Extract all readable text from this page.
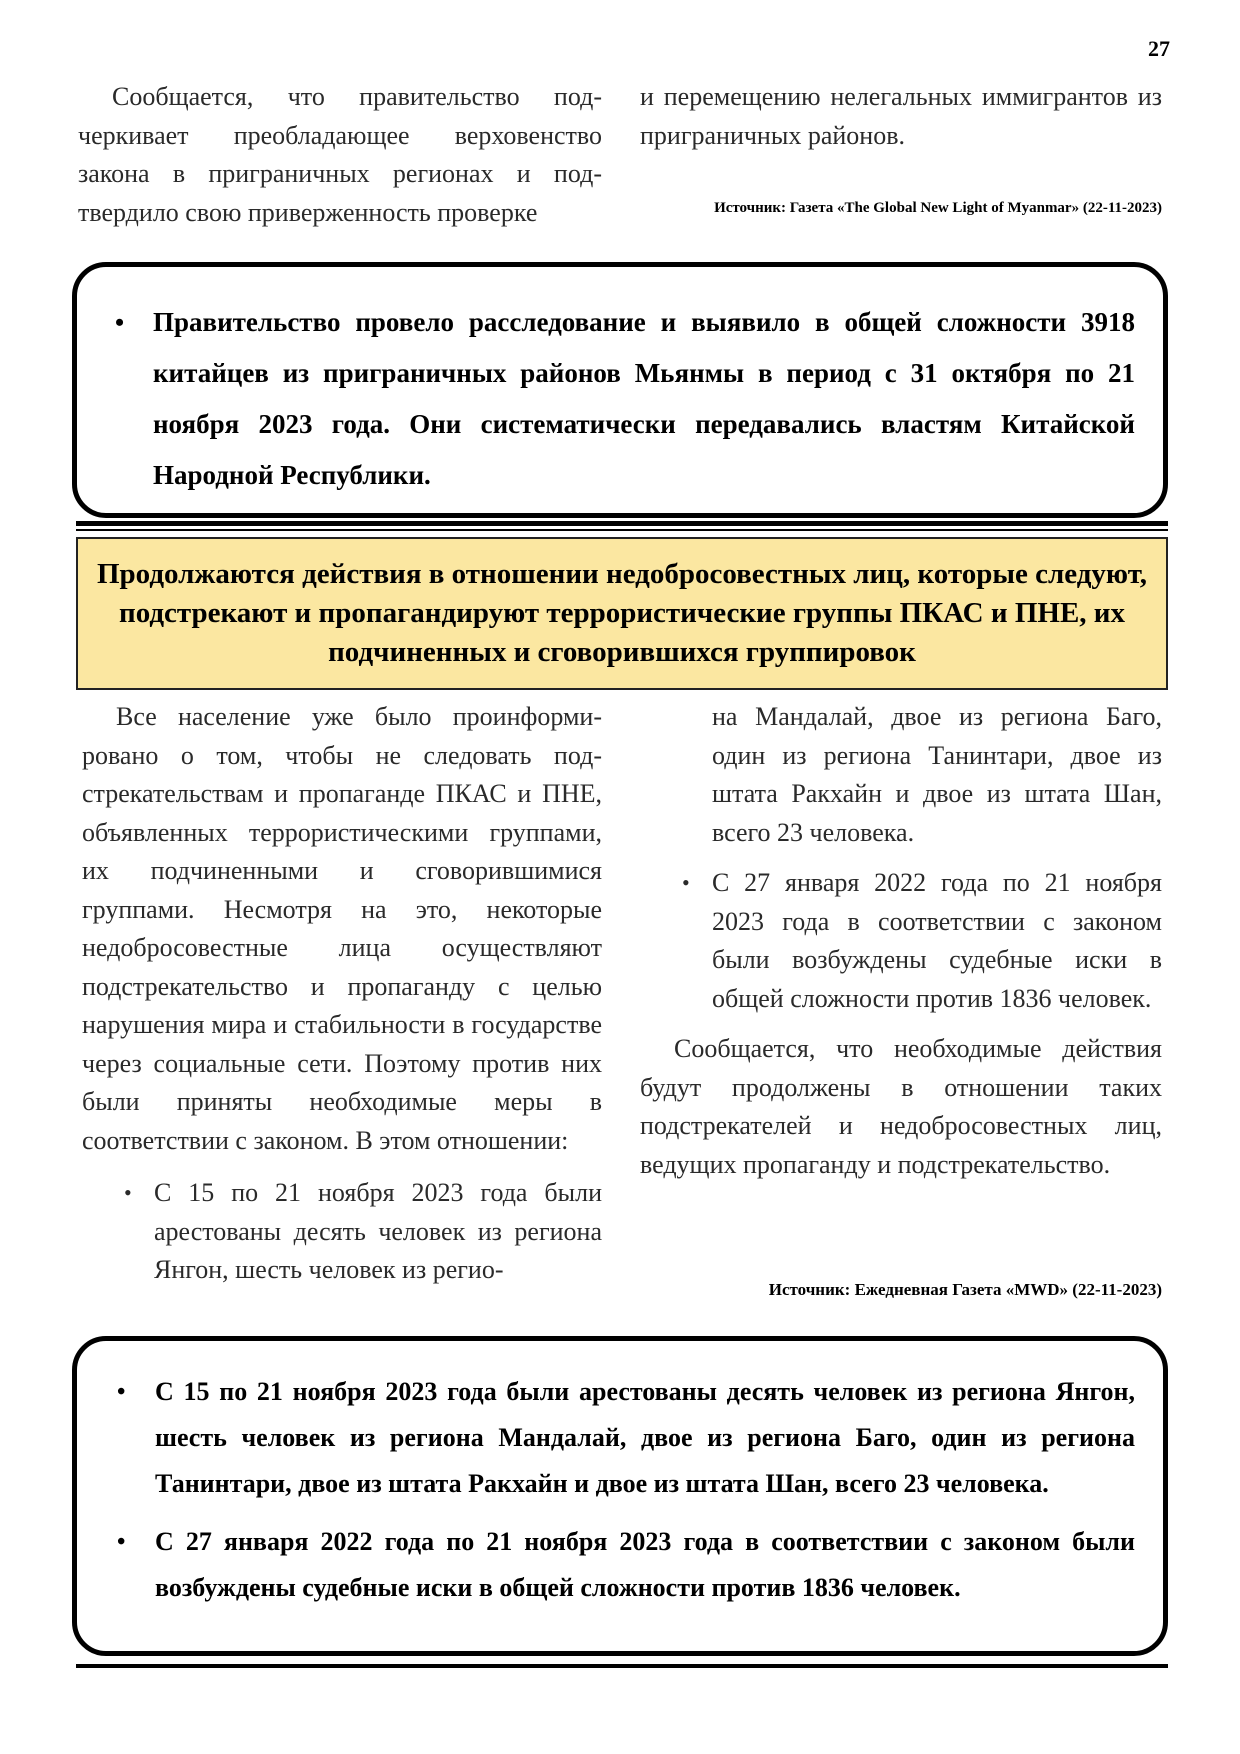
27

Сообщается, что правительство подчеркивает преобладающее верховенство закона в приграничных регионах и подтвердило свою приверженность проверке

и перемещению нелегальных иммигрантов из приграничных районов.

Источник: Газета «The Global New Light of Myanmar» (22-11-2023)
• Правительство провело расследование и выявило в общей сложности 3918 китайцев из приграничных районов Мьянмы в период с 31 октября по 21 ноября 2023 года. Они систематически передавались властям Китайской Народной Республики.
Продолжаются действия в отношении недобросовестных лиц, которые следуют, подстрекают и пропагандируют террористические группы ПКАС и ПНЕ, их подчиненных и сговорившихся группировок

Все население уже было проинформировано о том, чтобы не следовать подстрекательствам и пропаганде ПКАС и ПНЕ, объявленных террористическими группами, их подчиненными и сговорившимися группами. Несмотря на это, некоторые недобросовестные лица осуществляют подстрекательство и пропаганду с целью нарушения мира и стабильности в государстве через социальные сети. Поэтому против них были приняты необходимые меры в соответствии с законом. В этом отношении:

• С 15 по 21 ноября 2023 года были арестованы десять человек из региона Янгон, шесть человек из регио-

на Мандалай, двое из региона Баго, один из региона Танинтари, двое из штата Ракхайн и двое из штата Шан, всего 23 человека.

• С 27 января 2022 года по 21 ноября 2023 года в соответствии с законом были возбуждены судебные иски в общей сложности против 1836 человек.

Сообщается, что необходимые действия будут продолжены в отношении таких подстрекателей и недобросовестных лиц, ведущих пропаганду и подстрекательство.

Источник: Ежедневная Газета «MWD» (22-11-2023)
• С 15 по 21 ноября 2023 года были арестованы десять человек из региона Янгон, шесть человек из региона Мандалай, двое из региона Баго, один из региона Танинтари, двое из штата Ракхайн и двое из штата Шан, всего 23 человека.
• С 27 января 2022 года по 21 ноября 2023 года в соответствии с законом были возбуждены судебные иски в общей сложности против 1836 человек.
